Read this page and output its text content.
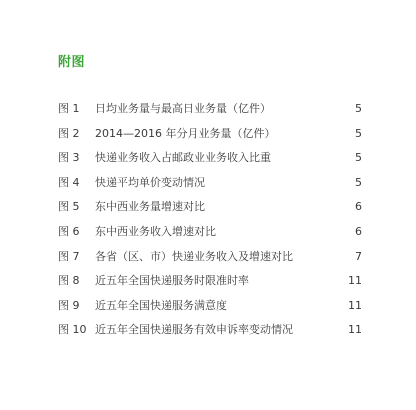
附图
图 1	日均业务量与最高日业务量（亿件）	5
图 2	2014—2016 年分月业务量（亿件）	5
图 3	快递业务收入占邮政业业务收入比重	5
图 4	快递平均单价变动情况	5
图 5	东中西业务量增速对比	6
图 6	东中西业务收入增速对比	6
图 7	各省（区、市）快递业务收入及增速对比	7
图 8	近五年全国快递服务时限准时率	11
图 9	近五年全国快递服务满意度	11
图 10 近五年全国快递服务有效申诉率变动情况	11
